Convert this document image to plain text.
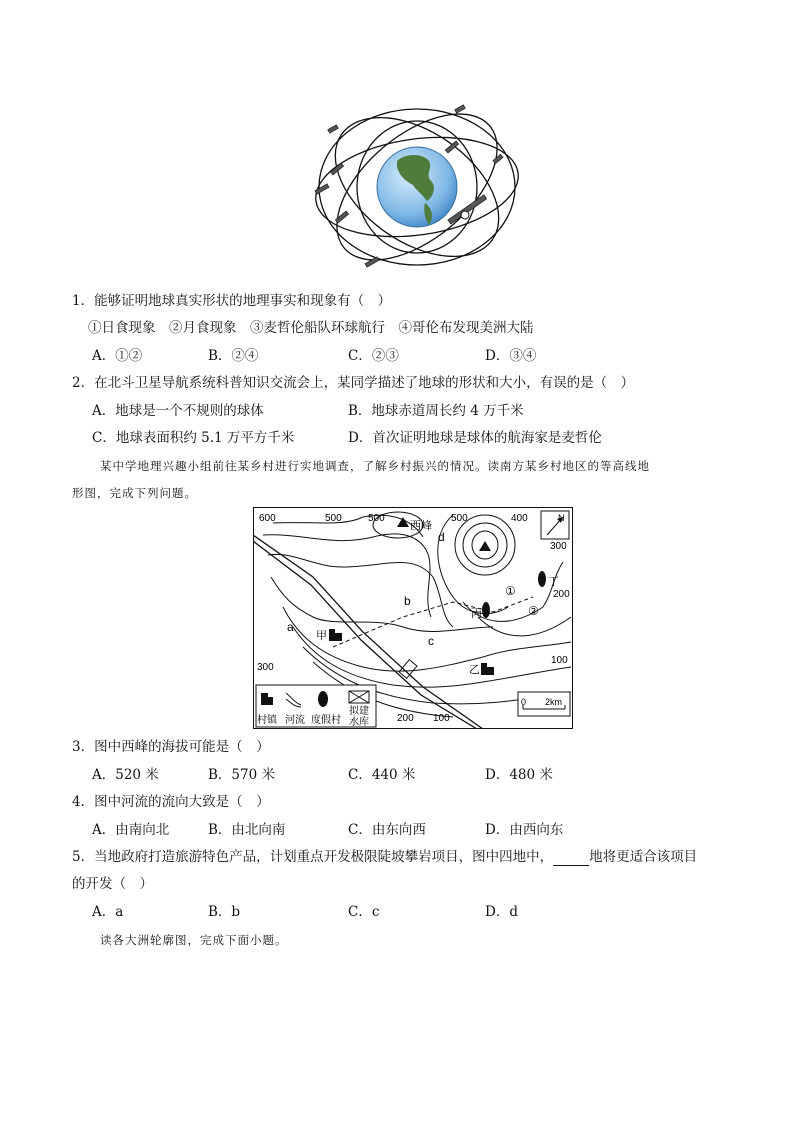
1．能够证明地球真实形状的地理事实和现象有（　）
①日食现象　②月食现象　③麦哲伦船队环球航行　④哥伦布发现美洲大陆
A．①②	B．②④	C．②③	D．③④
2．在北斗卫星导航系统科普知识交流会上，某同学描述了地球的形状和大小，有误的是（　）
A．地球是一个不规则的球体	B．地球赤道周长约 4 万千米
C．地球表面积约 5.1 万平方千米	D．首次证明地球是球体的航海家是麦哲伦
某中学地理兴趣小组前往某乡村进行实地调查，了解乡村振兴的情况。读南方某乡村地区的等高线地
形图，完成下列问题。
600	500	500	500	400
300
200
100
300
200 100
西峰
a
b
c
d
甲
乙
丙
丁
①
②
N
村镇 河流 度假村
拟建
水库
0 2km
3．图中西峰的海拔可能是（　）
A．520 米	B．570 米	C．440 米	D．480 米
4．图中河流的流向大致是（　）
A．由南向北	B．由北向南	C．由东向西	D．由西向东
5．当地政府打造旅游特色产品，计划重点开发极限陡坡攀岩项目，图中四地中，	地将更适合该项目
的开发（　）
A．a	B．b	C．c	D．d
读各大洲轮廓图，完成下面小题。
